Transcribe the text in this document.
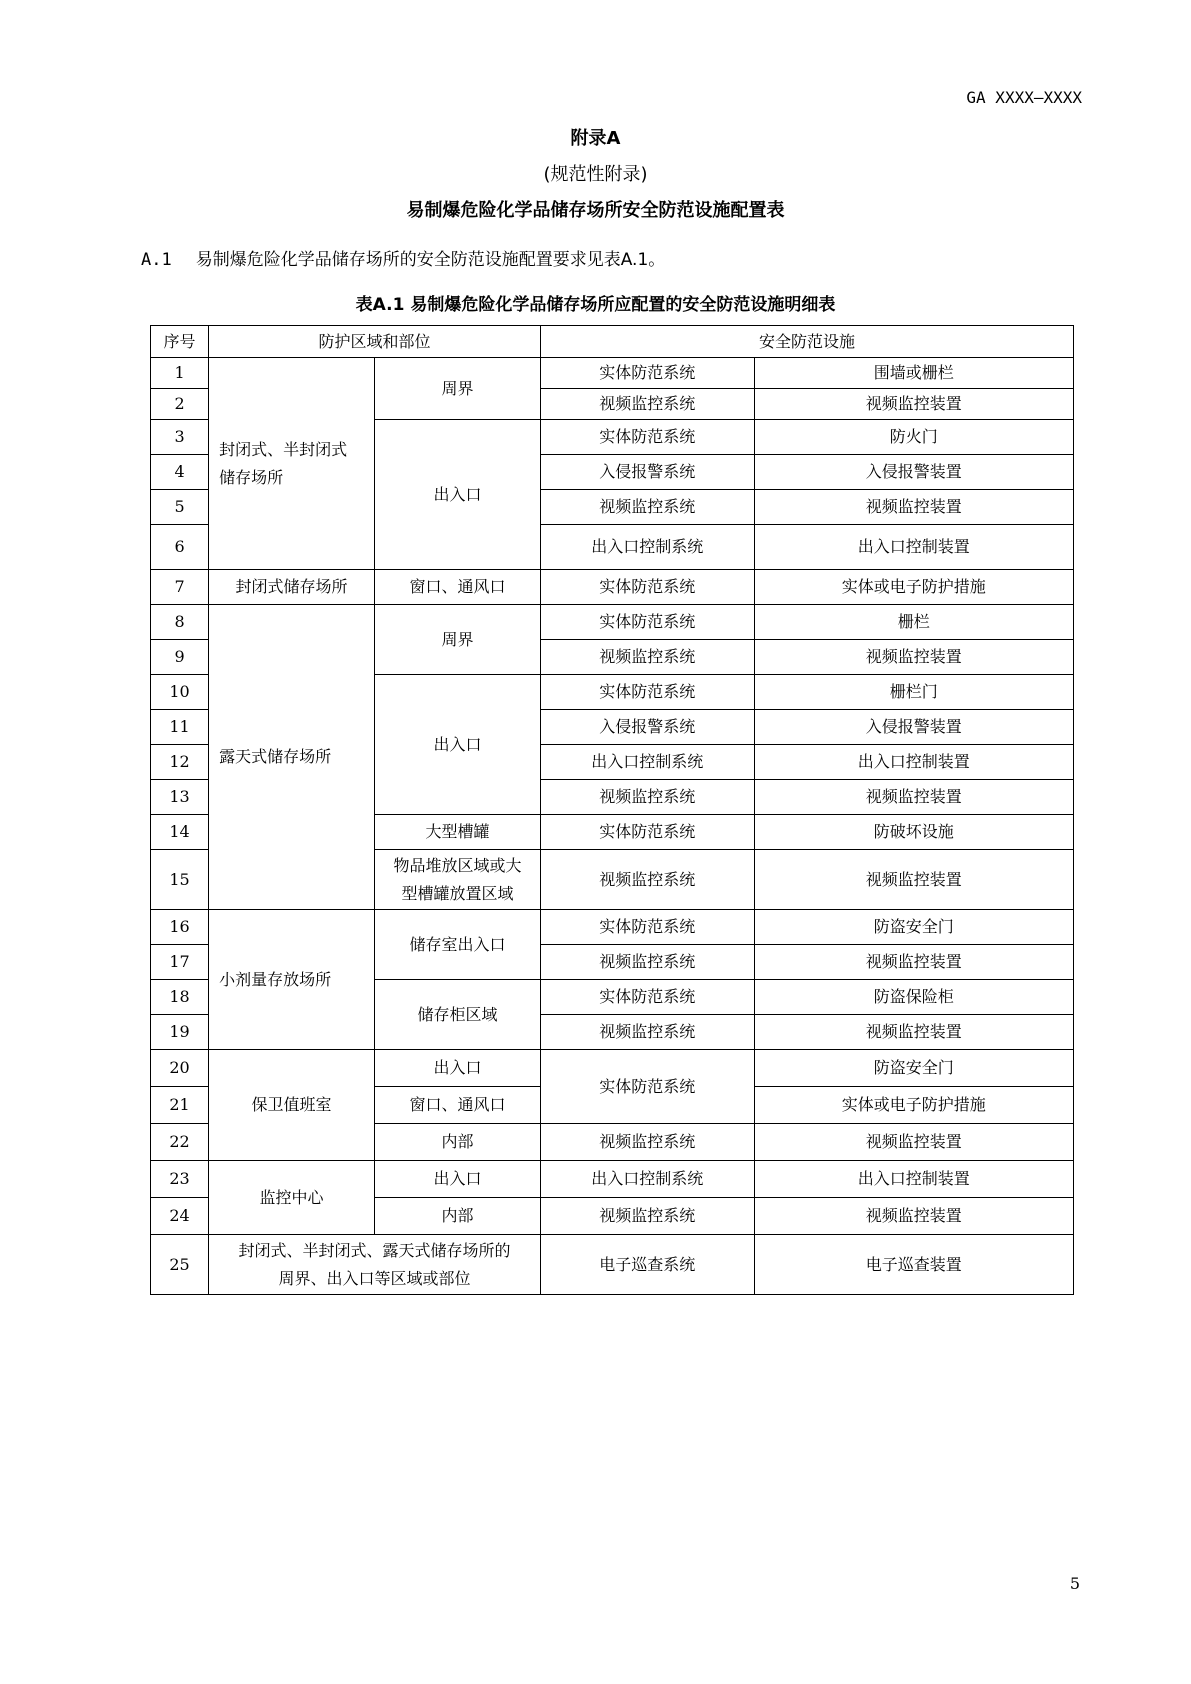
GA XXXX—XXXX
附录A
(规范性附录)
易制爆危险化学品储存场所安全防范设施配置表
A.1 易制爆危险化学品储存场所的安全防范设施配置要求见表A.1。
表A.1 易制爆危险化学品储存场所应配置的安全防范设施明细表
序号	防护区域和部位		安全防范设施	
1	封闭式、半封闭式
储存场所	周界	实体防范系统	围墙或栅栏
2			视频监控系统	视频监控装置
3		出入口	实体防范系统	防火门
4			入侵报警系统	入侵报警装置
5			视频监控系统	视频监控装置
6			出入口控制系统	出入口控制装置
7	封闭式储存场所	窗口、通风口	实体防范系统	实体或电子防护措施
8	露天式储存场所	周界	实体防范系统	栅栏
9			视频监控系统	视频监控装置
10		出入口	实体防范系统	栅栏门
11			入侵报警系统	入侵报警装置
12			出入口控制系统	出入口控制装置
13			视频监控系统	视频监控装置
14		大型槽罐	实体防范系统	防破坏设施
15		物品堆放区域或大
型槽罐放置区域	视频监控系统	视频监控装置
16	小剂量存放场所	储存室出入口	实体防范系统	防盗安全门
17			视频监控系统	视频监控装置
18		储存柜区域	实体防范系统	防盗保险柜
19			视频监控系统	视频监控装置
20	保卫值班室	出入口	实体防范系统	防盗安全门
21		窗口、通风口		实体或电子防护措施
22		内部	视频监控系统	视频监控装置
23	监控中心	出入口	出入口控制系统	出入口控制装置
24		内部	视频监控系统	视频监控装置
25	封闭式、半封闭式、露天式储存场所的
周界、出入口等区域或部位		电子巡查系统	电子巡查装置
5
